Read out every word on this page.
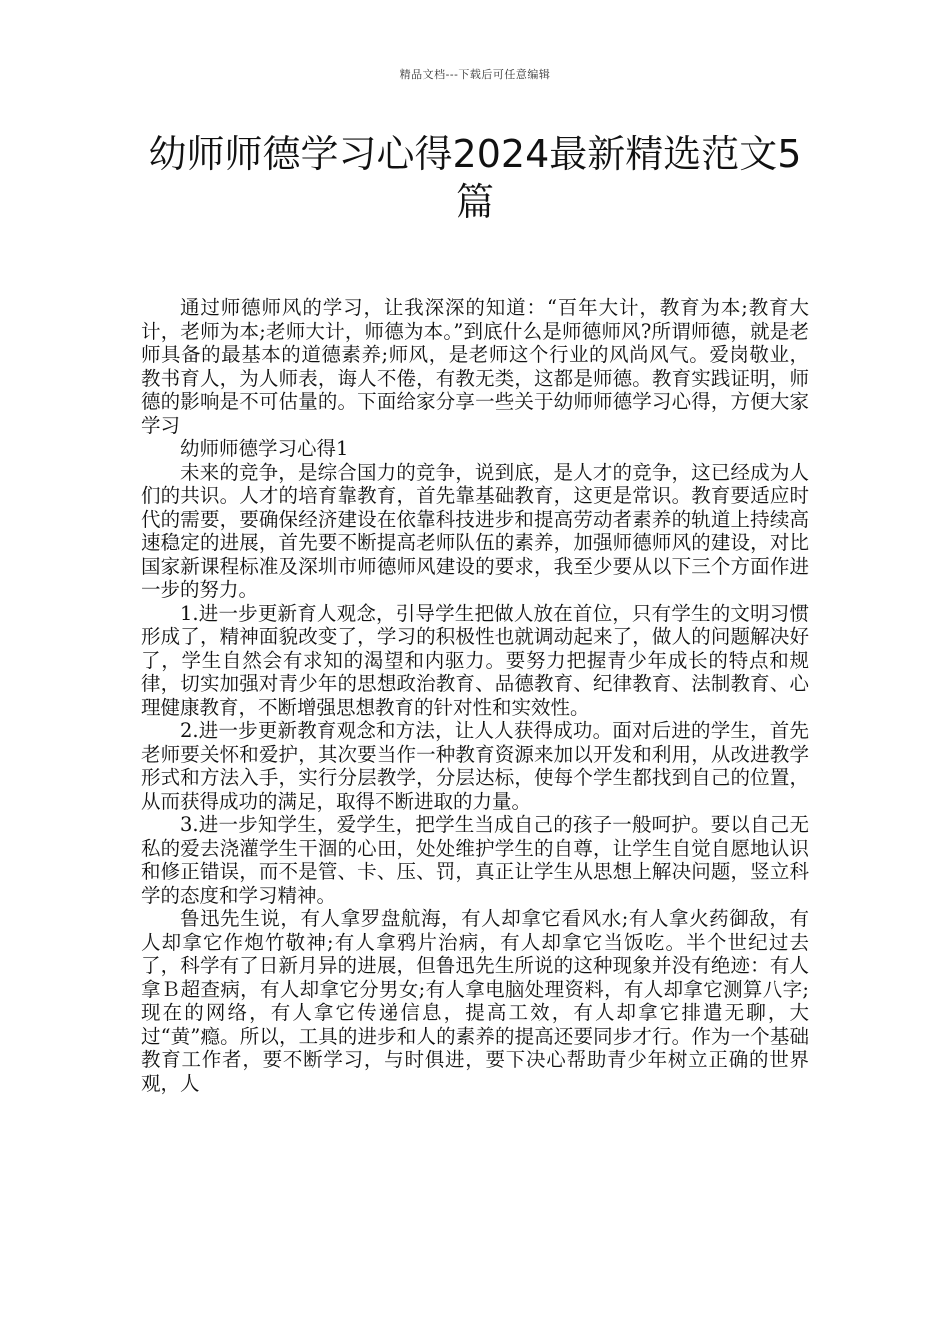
精品文档---下载后可任意编辑
幼师师德学习心得2024最新精选范文5篇

通过师德师风的学习，让我深深的知道：“百年大计，教育为本;教育大计，老师为本;老师大计，师德为本。”到底什么是师德师风?所谓师德，就是老师具备的最基本的道德素养;师风，是老师这个行业的风尚风气。爱岗敬业，教书育人，为人师表，诲人不倦，有教无类，这都是师德。教育实践证明，师德的影响是不可估量的。下面给家分享一些关于幼师师德学习心得，方便大家学习

幼师师德学习心得1

未来的竞争，是综合国力的竞争，说到底，是人才的竞争，这已经成为人们的共识。人才的培育靠教育，首先靠基础教育，这更是常识。教育要适应时代的需要，要确保经济建设在依靠科技进步和提高劳动者素养的轨道上持续高速稳定的进展，首先要不断提高老师队伍的素养，加强师德师风的建设，对比国家新课程标准及深圳市师德师风建设的要求，我至少要从以下三个方面作进一步的努力。

1.进一步更新育人观念，引导学生把做人放在首位，只有学生的文明习惯形成了，精神面貌改变了，学习的积极性也就调动起来了，做人的问题解决好了，学生自然会有求知的渴望和内驱力。要努力把握青少年成长的特点和规律，切实加强对青少年的思想政治教育、品德教育、纪律教育、法制教育、心理健康教育，不断增强思想教育的针对性和实效性。

2.进一步更新教育观念和方法，让人人获得成功。面对后进的学生，首先老师要关怀和爱护，其次要当作一种教育资源来加以开发和利用，从改进教学形式和方法入手，实行分层教学，分层达标，使每个学生都找到自己的位置，从而获得成功的满足，取得不断进取的力量。

3.进一步知学生，爱学生，把学生当成自己的孩子一般呵护。要以自己无私的爱去浇灌学生干涸的心田，处处维护学生的自尊，让学生自觉自愿地认识和修正错误，而不是管、卡、压、罚，真正让学生从思想上解决问题，竖立科学的态度和学习精神。

鲁迅先生说，有人拿罗盘航海，有人却拿它看风水;有人拿火药御敌，有人却拿它作炮竹敬神;有人拿鸦片治病，有人却拿它当饭吃。半个世纪过去了，科学有了日新月异的进展，但鲁迅先生所说的这种现象并没有绝迹：有人拿Ｂ超查病，有人却拿它分男女;有人拿电脑处理资料，有人却拿它测算八字;现在的网络，有人拿它传递信息，提高工效，有人却拿它排遣无聊，大过“黄”瘾。所以，工具的进步和人的素养的提高还要同步才行。作为一个基础教育工作者，要不断学习，与时俱进，要下决心帮助青少年树立正确的世界观，人
